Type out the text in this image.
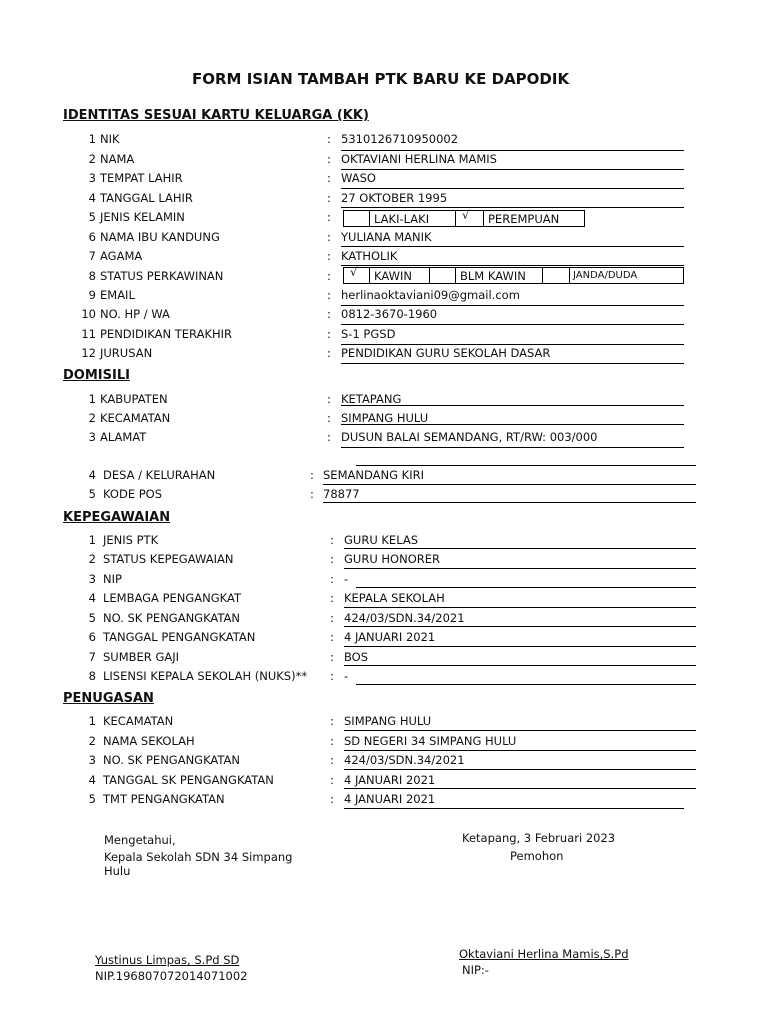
FORM ISIAN TAMBAH PTK BARU KE DAPODIK
IDENTITAS SESUAI KARTU KELUARGA (KK)
1 NIK	: 5310126710950002
2 NAMA	: OKTAVIANI HERLINA MAMIS
3 TEMPAT LAHIR	: WASO
4 TANGGAL LAHIR	: 27 OKTOBER 1995
5 JENIS KELAMIN	:	LAKI-LAKI	√ PEREMPUAN
6 NAMA IBU KANDUNG	: YULIANA MANIK
7 AGAMA	: KATHOLIK
8 STATUS PERKAWINAN	: √ KAWIN	BLM KAWIN	JANDA/DUDA
9 EMAIL	: herlinaoktaviani09@gmail.com
10 NO. HP / WA	: 0812-3670-1960
11 PENDIDIKAN TERAKHIR	: S-1 PGSD
12 JURUSAN	: PENDIDIKAN GURU SEKOLAH DASAR
DOMISILI
1 KABUPATEN	: KETAPANG
2 KECAMATAN	: SIMPANG HULU
3 ALAMAT	: DUSUN BALAI SEMANDANG, RT/RW: 003/000
4 DESA / KELURAHAN	: SEMANDANG KIRI
5 KODE POS	: 78877
KEPEGAWAIAN
1 JENIS PTK	: GURU KELAS
2 STATUS KEPEGAWAIAN	: GURU HONORER
3 NIP	: -
4 LEMBAGA PENGANGKAT	: KEPALA SEKOLAH
5 NO. SK PENGANGKATAN	: 424/03/SDN.34/2021
6 TANGGAL PENGANGKATAN	: 4 JANUARI 2021
7 SUMBER GAJI	: BOS
8 LISENSI KEPALA SEKOLAH (NUKS)** : -
PENUGASAN
1 KECAMATAN	: SIMPANG HULU
2 NAMA SEKOLAH	: SD NEGERI 34 SIMPANG HULU
3 NO. SK PENGANGKATAN	: 424/03/SDN.34/2021
4 TANGGAL SK PENGANGKATAN	: 4 JANUARI 2021
5 TMT PENGANGKATAN	: 4 JANUARI 2021
Mengetahui,
Kepala Sekolah SDN 34 Simpang
Hulu
Yustinus Limpas, S.Pd SD
NIP.196807072014071002
Ketapang, 3 Februari 2023
Pemohon
Oktaviani Herlina Mamis,S.Pd
NIP:-
